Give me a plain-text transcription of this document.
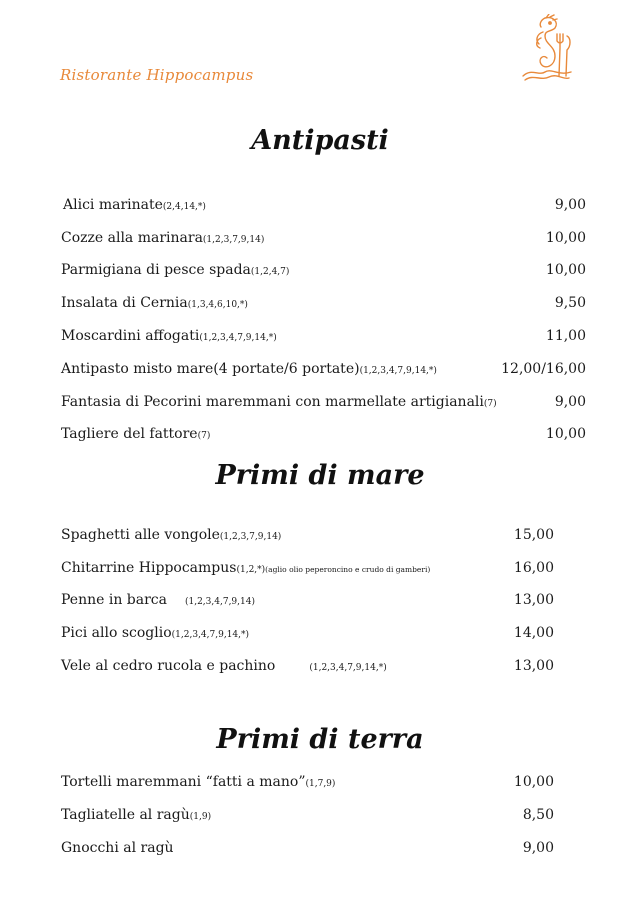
Ristorante Hippocampus
Antipasti
Alici marinate(2,4,14,*)	9,00
Cozze alla marinara(1,2,3,7,9,14)	10,00
Parmigiana di pesce spada(1,2,4,7)	10,00
Insalata di Cernia(1,3,4,6,10,*)	9,50
Moscardini affogati(1,2,3,4,7,9,14,*)	11,00
Antipasto misto mare(4 portate/6 portate)(1,2,3,4,7,9,14,*)	12,00/16,00
Fantasia di Pecorini maremmani con marmellate artigianali(7)	9,00
Tagliere del fattore(7)	10,00
Primi di mare
Spaghetti alle vongole(1,2,3,7,9,14)	15,00
Chitarrine Hippocampus(1,2,*)(aglio olio peperoncino e crudo di gamberi)	16,00
Penne in barca (1,2,3,4,7,9,14)	13,00
Pici allo scoglio(1,2,3,4,7,9,14,*)	14,00
Vele al cedro rucola e pachino	(1,2,3,4,7,9,14,*)	13,00
Primi di terra
Tortelli maremmani “fatti a mano”(1,7,9)	10,00
Tagliatelle al ragù(1,9)	8,50
Gnocchi al ragù	9,00
